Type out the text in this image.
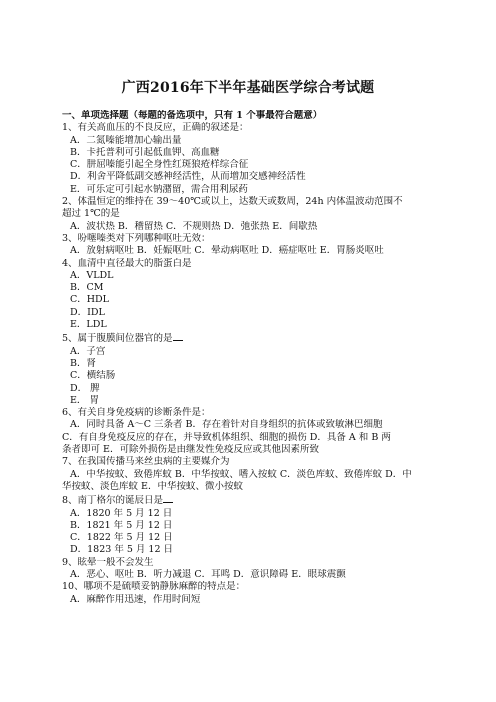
广西2016年下半年基础医学综合考试题
一、单项选择题（每题的备选项中，只有 1 个事最符合题意）
1、有关高血压的不良反应，正确的叙述是：
A．二氮嗪能增加心输出量
B．卡托普利可引起低血钾、高血糖
C．肼屈嗪能引起全身性红斑狼疮样综合征
D．利舍平降低副交感神经活性，从而增加交感神经活性
E．可乐定可引起水钠潴留，需合用利尿药
2、体温恒定的维持在 39～40℃或以上，达数天或数周，24h 内体温波动范围不
超过 1℃的是
A．波状热 B．稽留热 C．不规则热 D．弛张热 E．间歇热
3、吩噻嗪类对下列哪种呕吐无效：
A．放射病呕吐 B．妊娠呕吐 C．晕动病呕吐 D．癌症呕吐 E．胃肠炎呕吐
4、血清中直径最大的脂蛋白是
A．VLDL
B．CM
C．HDL
D．IDL
E．LDL
5、属于腹膜间位器官的是
A．子宫
B．肾
C．横结肠
D． 脾
E． 胃
6、有关自身免疫病的诊断条件是：
A．同时具备 A～C 三条者 B．存在着针对自身组织的抗体或致敏淋巴细胞
C．有自身免疫反应的存在，并导致机体组织、细胞的损伤 D．具备 A 和 B 两
条者即可 E．可除外损伤是由继发性免疫反应或其他因素所致
7、在我国传播马来丝虫病的主要媒介为
A．中华按蚊、致倦库蚊 B．中华按蚊、嗜入按蚊 C．淡色库蚊、致倦库蚊 D．中
华按蚊、淡色库蚊 E．中华按蚊、微小按蚊
8、南丁格尔的诞辰日是
A．1820 年 5 月 12 日
B．1821 年 5 月 12 日
C．1822 年 5 月 12 日
D．1823 年 5 月 12 日
9、眩晕一般不会发生
A．恶心、呕吐 B．听力减退 C．耳鸣 D．意识障碍 E．眼球震颤
10、哪项不是硫喷妥钠静脉麻醉的特点是：
A．麻醉作用迅速，作用时间短
